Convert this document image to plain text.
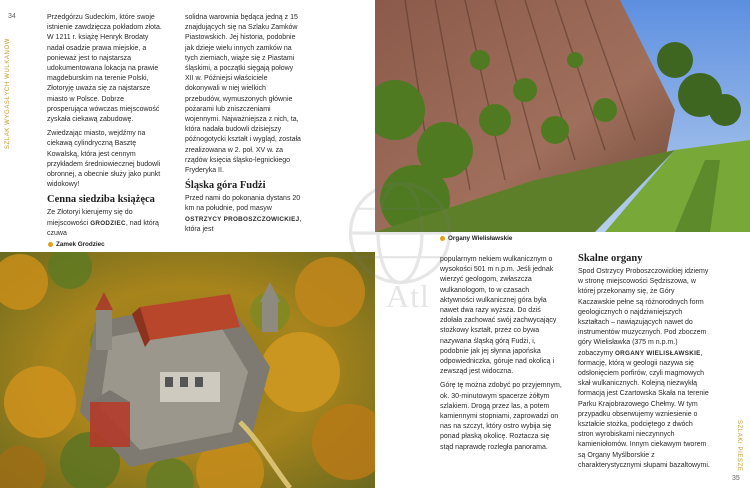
34
SZLAK WYGASŁYCH WULKANÓW

Przedgórzu Sudeckim, które swoje istnienie zawdzięcza pokładom złota. W 1211 r. książę Henryk Brodaty nadał osadzie prawa miejskie, a ponieważ jest to najstarsza udokumentowana lokacja na prawie magdeburskim na terenie Polski, Złotoryję uważa się za najstarsze miasto w Polsce. Dobrze prosperująca wówczas miejscowość zyskała ciekawą zabudowę.

Zwiedzając miasto, wejdźmy na ciekawą cylindryczną Basztę Kowalską, która jest cennym przykładem średniowiecznej budowli obronnej, a obecnie służy jako punkt widokowy!

Cenna siedziba książęca

Ze Złotoryi kierujemy się do miejscowości GRODZIEC, nad którą czuwa

solidna warownia będąca jedną z 15 znajdujących się na Szlaku Zamków Piastowskich. Jej historia, podobnie jak dzieje wielu innych zamków na tych ziemiach, wiąże się z Piastami śląskimi, a początki sięgają połowy XII w. Późniejsi właściciele dokonywali w niej wielkich przebudów, wymuszonych głównie pożarami lub zniszczeniami wojennymi. Najważniejsza z nich, ta, która nadała budowli dzisiejszy późnogotycki kształt i wygląd, została zrealizowana w 2. poł. XV w. za rządów księcia śląsko-legnickiego Fryderyka II.

Śląska góra Fudżi

Przed nami do pokonania dystans 20 km na południe, pod masyw OSTRZYCY PROBOSZCZOWICKIEJ, która jest

Zamek Grodziec
Organy Wielisławskie

popularnym nekiem wulkanicznym o wysokości 501 m n.p.m. Jeśli jednak wierzyć geologom, zwłaszcza wulkanologom, to w czasach aktywności wulkanicznej góra była nawet dwa razy wyższa. Do dziś zdołała zachować swój zachwycający stożkowy kształt, przez co bywa nazywana śląską górą Fudżi, i, podobnie jak jej słynna japońska odpowiedniczka, góruje nad okolicą i zewsząd jest widoczna.

Górę tę można zdobyć po przyjemnym, ok. 30-minutowym spacerze żółtym szlakiem. Drogą przez las, a potem kamiennymi stopniami, zaprowadzi on nas na szczyt, który ostro wybija się ponad płaską okolicę. Roztacza się stąd naprawdę rozległa panorama.

Skalne organy

Spod Ostrzycy Proboszczowickiej idziemy w stronę miejscowości Sędziszowa, w której przekonamy się, że Góry Kaczawskie pełne są różnorodnych form geologicznych o najdziwniejszych kształtach – nawiązujących nawet do instrumentów muzycznych. Pod zboczem góry Wielisławka (375 m n.p.m.) zobaczymy ORGANY WIELISŁAWSKIE, formację, którą w geologii nazywa się odsłonięciem porfirów, czyli magmowych skał wulkanicznych. Kolejną niezwykłą formacją jest Czartowska Skała na terenie Parku Krajobrazowego Chełmy. W tym przypadku obserwujemy wzniesienie o kształcie stożka, podciętego z dwóch stron wyrobiskami nieczynnych kamieniołomów. Innym ciekawym tworem są Organy Myślborskie z charakterystycznymi słupami bazaltowymi.	SZLAKI PIESZE
35
Atl
